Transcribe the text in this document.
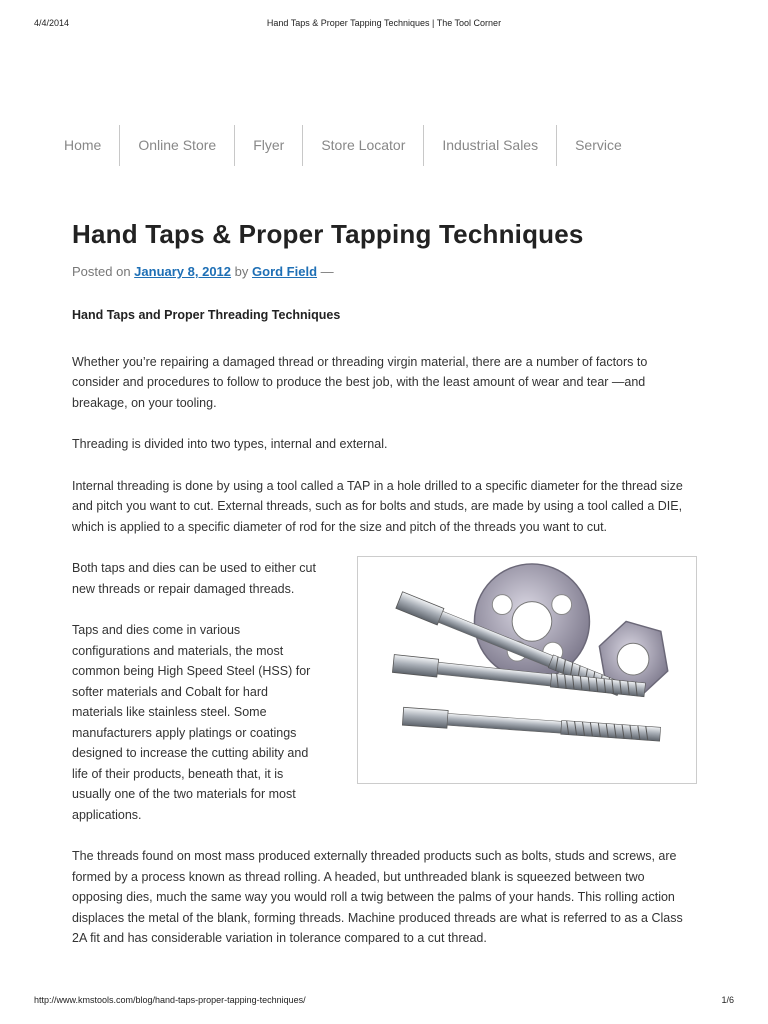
4/4/2014	Hand Taps & Proper Tapping Techniques | The Tool Corner
Home	Online Store	Flyer	Store Locator	Industrial Sales	Service
Hand Taps & Proper Tapping Techniques
Posted on January 8, 2012 by Gord Field —

Hand Taps and Proper Threading Techniques

Whether you’re repairing a damaged thread or threading virgin material, there are a number of factors to consider and procedures to follow to produce the best job, with the least amount of wear and tear —and breakage, on your tooling.

Threading is divided into two types, internal and external.

Internal threading is done by using a tool called a TAP in a hole drilled to a specific diameter for the thread size and pitch you want to cut. External threads, such as for bolts and studs, are made by using a tool called a DIE, which is applied to a specific diameter of rod for the size and pitch of the threads you want to cut.

Both taps and dies can be used to either cut new threads or repair damaged threads.

Taps and dies come in various configurations and materials, the most common being High Speed Steel (HSS) for softer materials and Cobalt for hard materials like stainless steel. Some manufacturers apply platings or coatings designed to increase the cutting ability and life of their products, beneath that, it is usually one of the two materials for most applications.

The threads found on most mass produced externally threaded products such as bolts, studs and screws, are formed by a process known as thread rolling. A headed, but unthreaded blank is squeezed between two opposing dies, much the same way you would roll a twig between the palms of your hands. This rolling action displaces the metal of the blank, forming threads. Machine produced threads are what is referred to as a Class 2A fit and has considerable variation in tolerance compared to a cut thread.

http://www.kmstools.com/blog/hand-taps-proper-tapping-techniques/	1/6
